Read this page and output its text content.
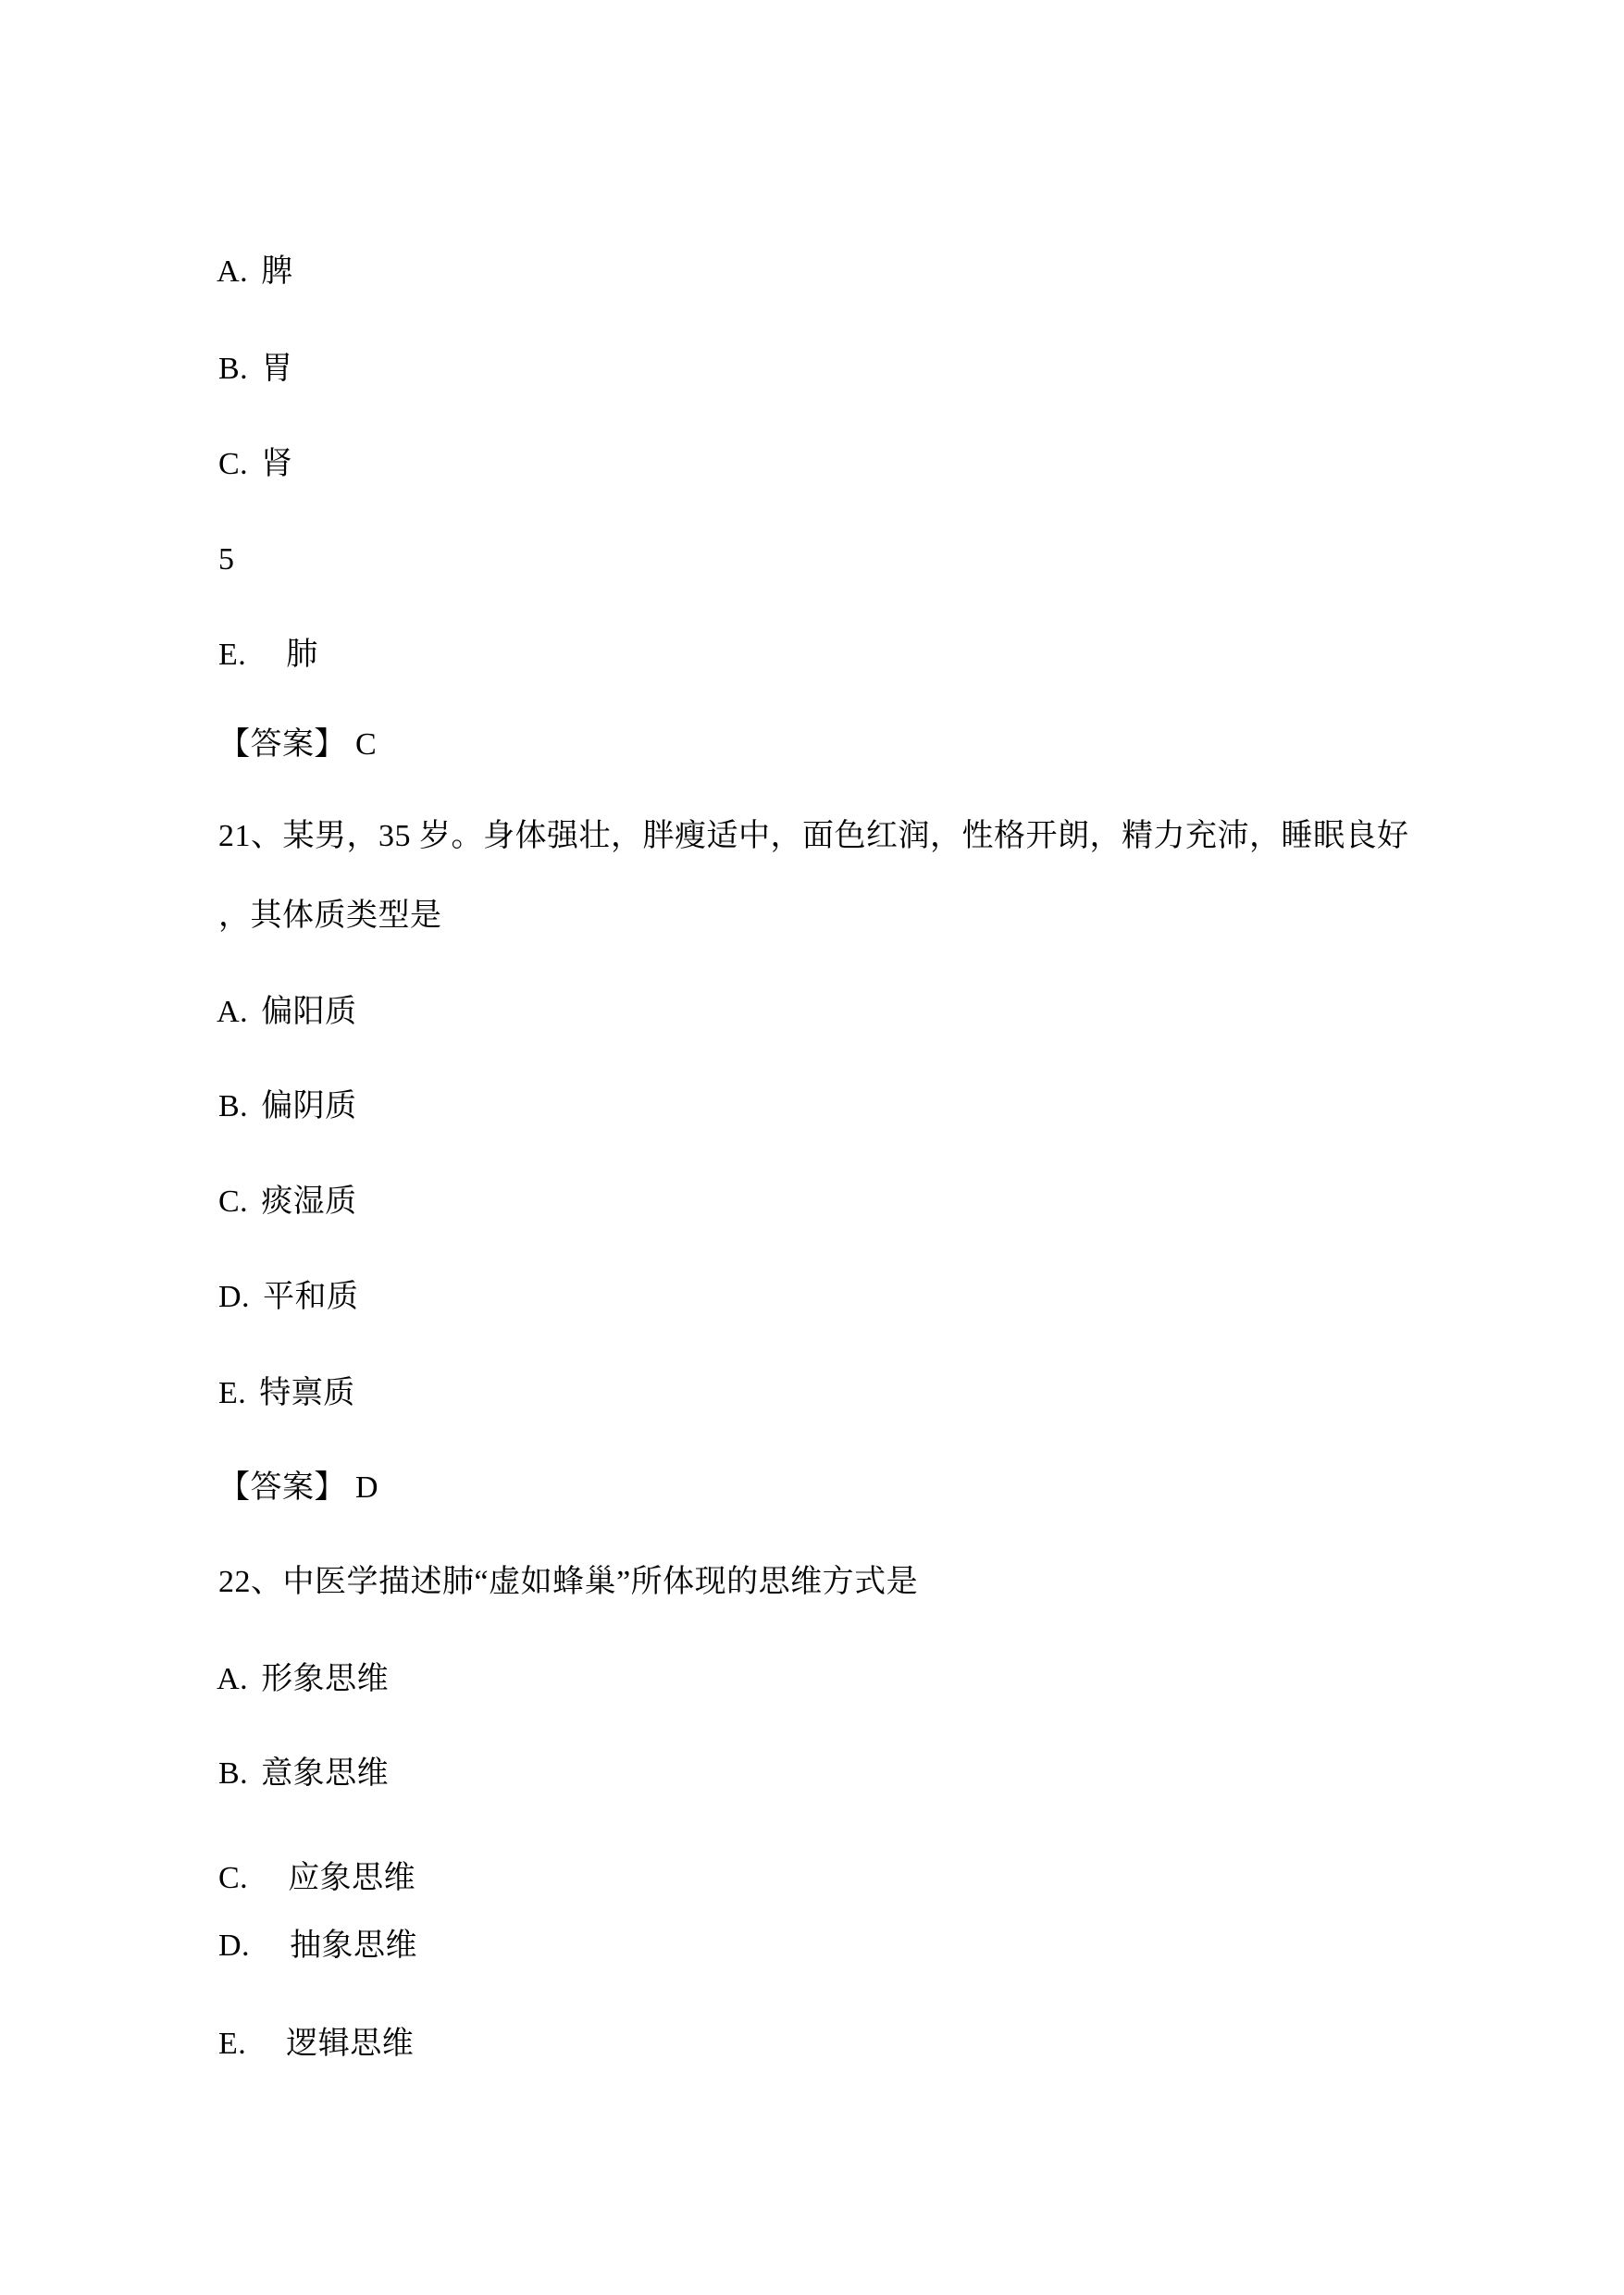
A. 脾

B. 胃

C. 肾

5

E. 肺

【答案】 C

21、某男，35 岁。身体强壮，胖瘦适中，面色红润，性格开朗，精力充沛，睡眠良好

，其体质类型是

A. 偏阳质

B. 偏阴质

C. 痰湿质

D. 平和质

E. 特禀质

【答案】 D

22、中医学描述肺“虚如蜂巢”所体现的思维方式是

A. 形象思维

B. 意象思维

C. 应象思维

D. 抽象思维

E. 逻辑思维
